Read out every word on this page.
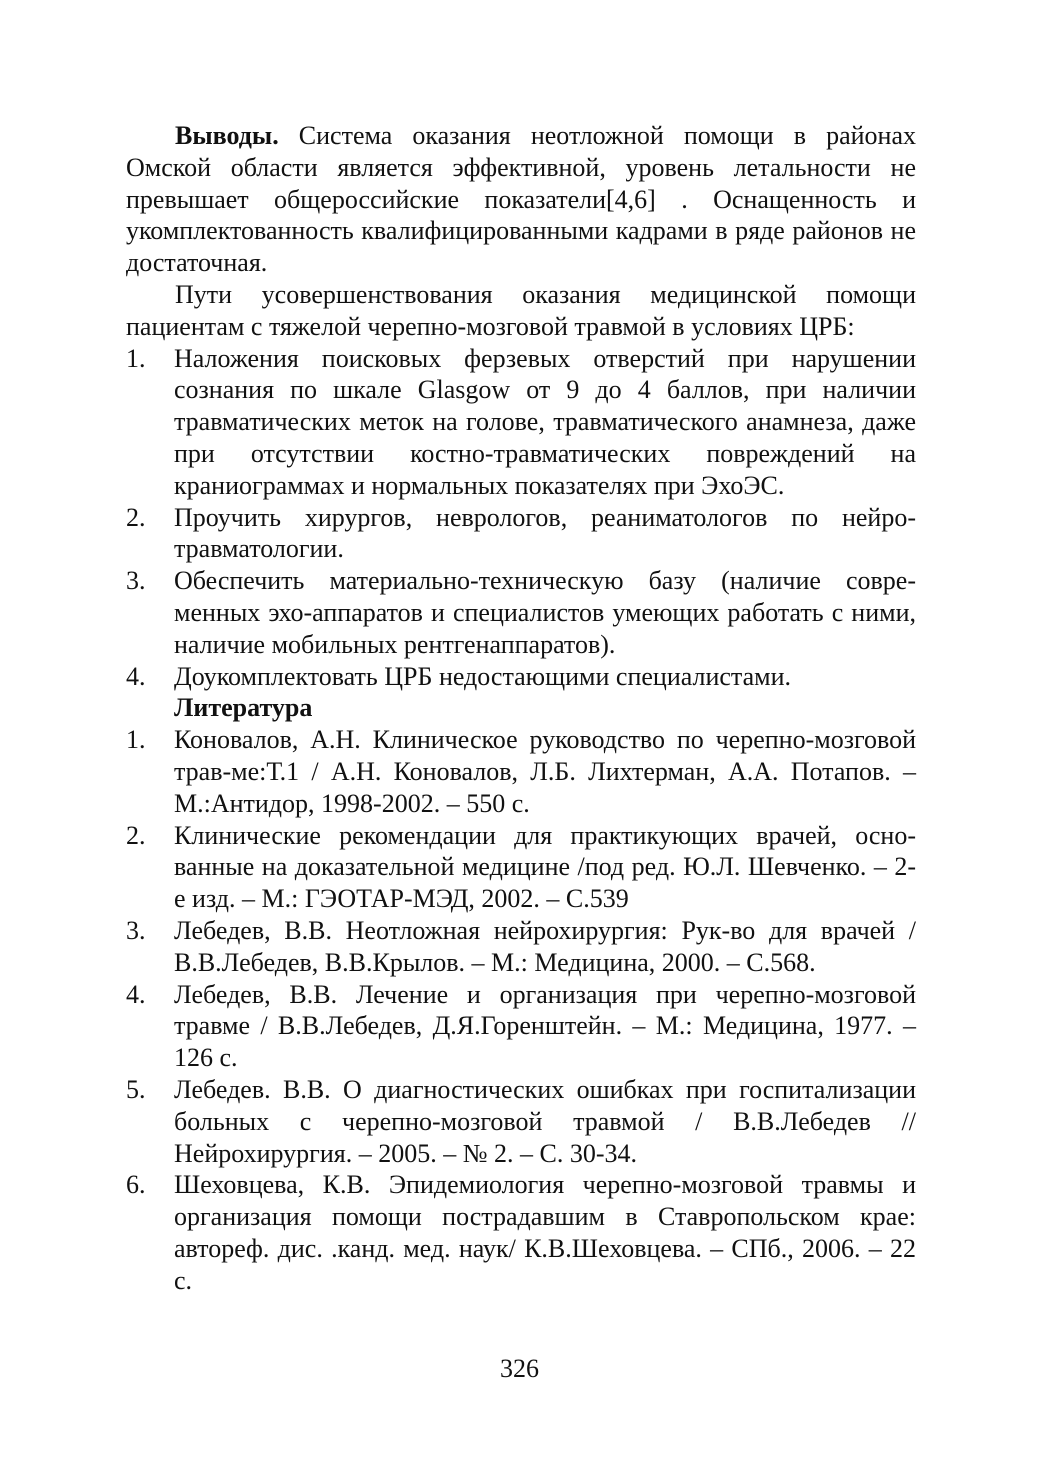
Выводы. Система оказания неотложной помощи в районах Омской области является эффективной, уровень летальности не превышает общероссийские показатели[4,6] . Оснащенность и укомплектованность квалифицированными кадрами в ряде районов не достаточная.

Пути усовершенствования оказания медицинской помощи пациентам с тяжелой черепно-мозговой травмой в условиях ЦРБ:

1. Наложения поисковых ферзевых отверстий при нарушении сознания по шкале Glasgow от 9 до 4 баллов, при наличии травматических меток на голове, травматического анамнеза, даже при отсутствии костно-травматических повреждений на краниограммах и нормальных показателях при ЭхоЭС.
2. Проучить хирургов, неврологов, реаниматологов по нейротравматологии.
3. Обеспечить материально-техническую базу (наличие современных эхо-аппаратов и специалистов умеющих работать с ними, наличие мобильных рентгенаппаратов).
4. Доукомплектовать ЦРБ недостающими специалистами.
Литература
1. Коновалов, А.Н. Клиническое руководство по черепно-мозговой трав-ме:Т.1 / А.Н. Коновалов, Л.Б. Лихтерман, А.А. Потапов. – М.:Антидор, 1998-2002. – 550 с.
2. Клинические рекомендации для практикующих врачей, основанные на доказательной медицине /под ред. Ю.Л. Шевченко. – 2-е изд. – М.: ГЭОТАР-МЭД, 2002. – С.539
3. Лебедев, В.В. Неотложная нейрохирургия: Рук-во для врачей / В.В.Лебедев, В.В.Крылов. – М.: Медицина, 2000. – С.568.
4. Лебедев, В.В. Лечение и организация при черепно-мозговой травме / В.В.Лебедев, Д.Я.Горенштейн. – М.: Медицина, 1977. – 126 с.
5. Лебедев. В.В. О диагностических ошибках при госпитализации больных с черепно-мозговой травмой / В.В.Лебедев // Нейрохирургия. – 2005. – № 2. – С. 30-34.
6. Шеховцева, К.В. Эпидемиология черепно-мозговой травмы и организация помощи пострадавшим в Ставропольском крае: автореф. дис. .канд. мед. наук/ К.В.Шеховцева. – СПб., 2006. – 22 с.
326
